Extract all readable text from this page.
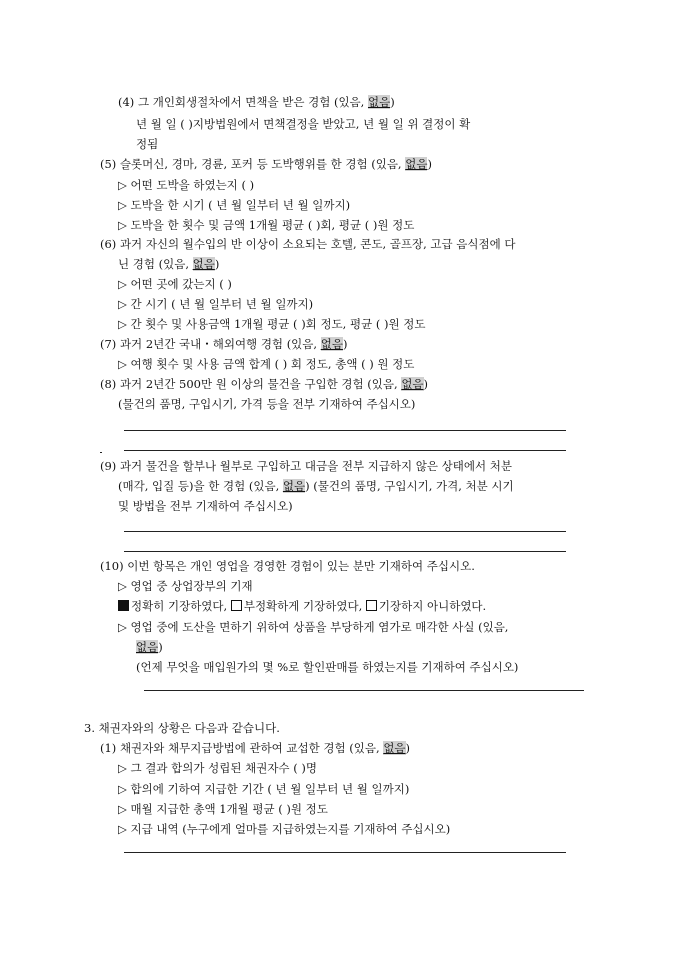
(4) 그 개인회생절차에서 면책을 받은 경험 (있음, 없음)
년 월 일 ( )지방법원에서 면책결정을 받았고, 년 월 일 위 결정이 확
정됨
(5) 슬롯머신, 경마, 경륜, 포커 등 도박행위를 한 경험 (있음, 없음)
▷ 어떤 도박을 하였는지 ( )
▷ 도박을 한 시기 ( 년 월 일부터 년 월 일까지)
▷ 도박을 한 횟수 및 금액 1개월 평균 ( )회, 평균 ( )원 정도
(6) 과거 자신의 월수입의 반 이상이 소요되는 호텔, 콘도, 골프장, 고급 음식점에 다
닌 경험 (있음, 없음)
▷ 어떤 곳에 갔는지 ( )
▷ 간 시기 ( 년 월 일부터 년 월 일까지)
▷ 간 횟수 및 사용금액 1개월 평균 ( )회 정도, 평균 ( )원 정도
(7) 과거 2년간 국내・해외여행 경험 (있음, 없음)
▷ 여행 횟수 및 사용 금액 합계 ( ) 회 정도, 총액 ( ) 원 정도
(8) 과거 2년간 500만 원 이상의 물건을 구입한 경험 (있음, 없음)
(물건의 품명, 구입시기, 가격 등을 전부 기재하여 주십시오)
(9) 과거 물건을 할부나 월부로 구입하고 대금을 전부 지급하지 않은 상태에서 처분
(매각, 입질 등)을 한 경험 (있음, 없음) (물건의 품명, 구입시기, 가격, 처분 시기
및 방법을 전부 기재하여 주십시오)
(10) 이번 항목은 개인 영업을 경영한 경험이 있는 분만 기재하여 주십시오.
▷ 영업 중 상업장부의 기재
정확히 기장하였다, 부정확하게 기장하였다, 기장하지 아니하였다.
▷ 영업 중에 도산을 면하기 위하여 상품을 부당하게 염가로 매각한 사실 (있음,
없음)
(언제 무엇을 매입원가의 몇 %로 할인판매를 하였는지를 기재하여 주십시오)
3. 채권자와의 상황은 다음과 같습니다.
(1) 채권자와 채무지급방법에 관하여 교섭한 경험 (있음, 없음)
▷ 그 결과 합의가 성립된 채권자수 ( )명
▷ 합의에 기하여 지급한 기간 ( 년 월 일부터 년 월 일까지)
▷ 매월 지급한 총액 1개월 평균 ( )원 정도
▷ 지급 내역 (누구에게 얼마를 지급하였는지를 기재하여 주십시오)
